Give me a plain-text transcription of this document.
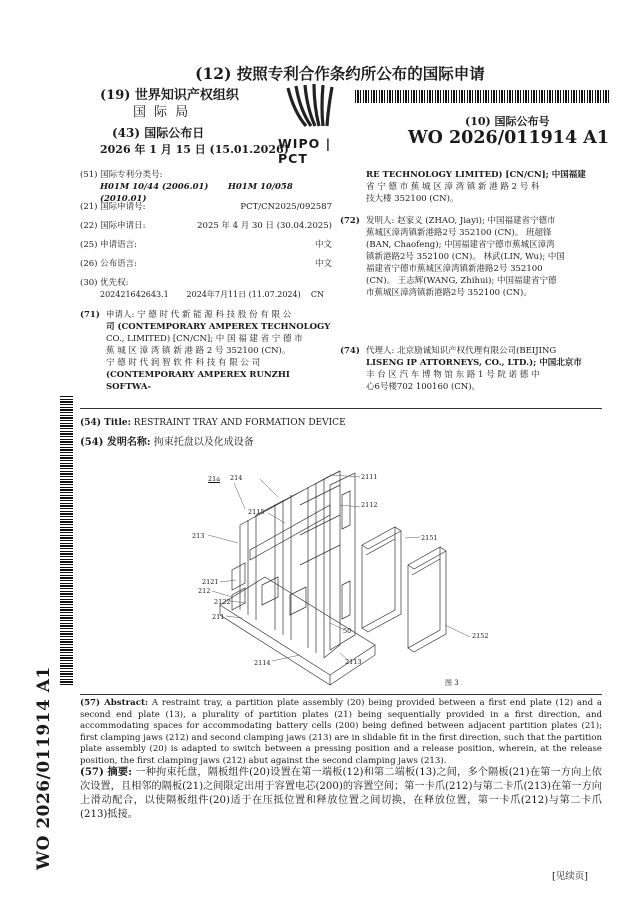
(12) 按照专利合作条约所公布的国际申请
(19) 世界知识产权组织
国 际 局
(43) 国际公布日
2026 年 1 月 15 日 (15.01.2026)
WIPO | PCT
(10) 国际公布号
WO 2026/011914 A1
(51) 国际专利分类号:
H01M 10/44 (2006.01) H01M 10/058 (2010.01)
(21) 国际申请号:	PCT/CN2025/092587
(22) 国际申请日:	2025 年 4 月 30 日 (30.04.2025)
(25) 申请语言:	中文
(26) 公布语言:	中文
(30) 优先权:
202421642643.1       2024年7月11日 (11.07.2024)    CN
(71) 申请人: 宁 德 时 代 新 能 源 科 技 股 份 有 限 公
司 (CONTEMPORARY AMPEREX TECHNOLOGY
CO., LIMITED) [CN/CN]; 中 国 福 建 省 宁 德 市
蕉 城 区 漳 湾 镇 新 港 路 2 号 352100 (CN)。
宁 德 时 代 润 智 软 件 科 技 有 限 公 司
(CONTEMPORARY AMPEREX RUNZHI SOFTWA-
RE TECHNOLOGY LIMITED) [CN/CN]; 中国福建
省 宁 德 市 蕉 城 区 漳 湾 镇 新 港 路 2 号 科
技大楼 352100 (CN)。
(72) 发明人: 赵家义 (ZHAO, Jiayi); 中国福建省宁德市
蕉城区漳湾镇新港路2号 352100 (CN)。 班超锋
(BAN, Chaofeng); 中国福建省宁德市蕉城区漳湾
镇新港路2号 352100 (CN)。 林武(LIN, Wu); 中国
福建省宁德市蕉城区漳湾镇新港路2号 352100
(CN)。 王志辉(WANG, Zhihui); 中国福建省宁德
市蕉城区漳湾镇新港路2号 352100 (CN)。
(74) 代理人: 北京励诚知识产权代理有限公司(BEIJING
LISENG IP ATTORNEYS, CO., LTD.); 中国北京市
丰 台 区 汽 车 博 物 馆 东 路 1 号 院 诺 德 中
心6号楼702 100160 (CN)。
(54) Title: RESTRAINT TRAY AND FORMATION DEVICE
(54) 发明名称: 拘束托盘以及化成设备
21a 214	2111
2112
2115
213	2151
2121
212
2122
211
50
2152
2114	2113
图 3
(57) Abstract: A restraint tray, a partition plate assembly (20) being provided between a first end plate (12) and a second end plate (13), a plurality of partition plates (21) being sequentially provided in a first direction, and accommodating spaces for accommodating battery cells (200) being defined between adjacent partition plates (21); first clamping jaws (212) and second clamping jaws (213) are in slidable fit in the first direction, such that the partition plate assembly (20) is adapted to switch between a pressing position and a release position, wherein, at the release position, the first clamping jaws (212) abut against the second clamping jaws (213).
(57) 摘要: 一种拘束托盘，隔板组件(20)设置在第一端板(12)和第二端板(13)之间，多个隔板(21)在第一方向上依次设置，且相邻的隔板(21)之间限定出用于容置电芯(200)的容置空间；第一卡爪(212)与第二卡爪(213)在第一方向上滑动配合，以使隔板组件(20)适于在压抵位置和释放位置之间切换，在释放位置，第一卡爪(212)与第二卡爪(213)抵接。
WO 2026/011914 A1
[见续页]
